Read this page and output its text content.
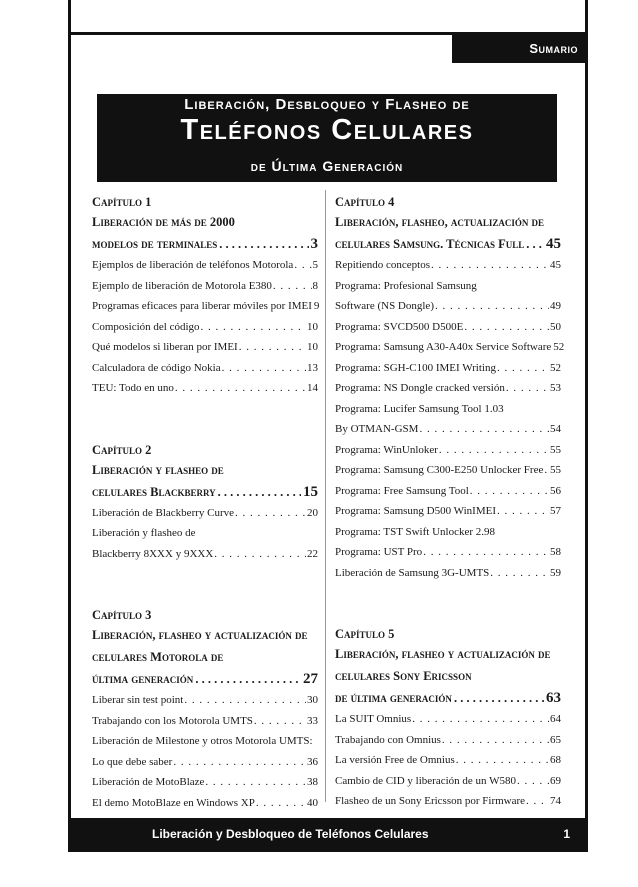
Sumario
Liberación, Desbloqueo y Flasheo de
Teléfonos Celulares
de Última Generación
Capítulo 1
Liberación de más de 2000
modelos de terminales . . .	3
Ejemplos de liberación de teléfonos Motorola . . . 5
Ejemplo de liberación de Motorola E380 . . .	8
Programas eficaces para liberar móviles por IMEI 9
Composición del código . . .	10
Qué modelos si liberan por IMEI . . .	10
Calculadora de código Nokia . . .	13
TEU: Todo en uno . . .	14
Capítulo 2
Liberación y flasheo de
celulares Blackberry . . .	15
Liberación de Blackberry Curve . . .	20
Liberación y flasheo de
Blackberry 8XXX y 9XXX . . .	22
Capítulo 3
Liberación, flasheo y actualización de
celulares Motorola de
última generación . . .	27
Liberar sin test point . . .	30
Trabajando con los Motorola UMTS . . .	33
Liberación de Milestone y otros Motorola UMTS:
Lo que debe saber . . .	36
Liberación de MotoBlaze . . .	38
El demo MotoBlaze en Windows XP . . .	40
. . .
Capítulo 4
Liberación, flasheo, actualización de
celulares Samsung. Técnicas Full . . . 45
Repitiendo conceptos . . .	45
Programa: Profesional Samsung
Software (NS Dongle) . . .	49
Programa: SVCD500 D500E . . .	50
Programa: Samsung A30-A40x Service Software 52
Programa: SGH-C100 IMEI Writing . . .	52
Programa: NS Dongle cracked versión . . .	53
Programa: Lucifer Samsung Tool 1.03
By OTMAN-GSM . . .	54
Programa: WinUnloker . . .	55
Programa: Samsung C300-E250 Unlocker Free . . . 55
Programa: Free Samsung Tool . . .	56
Programa: Samsung D500 WinIMEI . . .	57
Programa: TST Swift Unlocker 2.98
Programa: UST Pro . . .	58
Liberación de Samsung 3G-UMTS . . .	59
Capítulo 5
Liberación, flasheo y actualización de
celulares Sony Ericsson
de última generación . . .	63
La SUIT Omnius . . .	64
Trabajando con Omnius . . .	65
La versión Free de Omnius . . .	68
Cambio de CID y liberación de un W580 . . .	69
Flasheo de un Sony Ericsson por Firmware . . . 74
Liberación y Desbloqueo de Teléfonos Celulares	1
